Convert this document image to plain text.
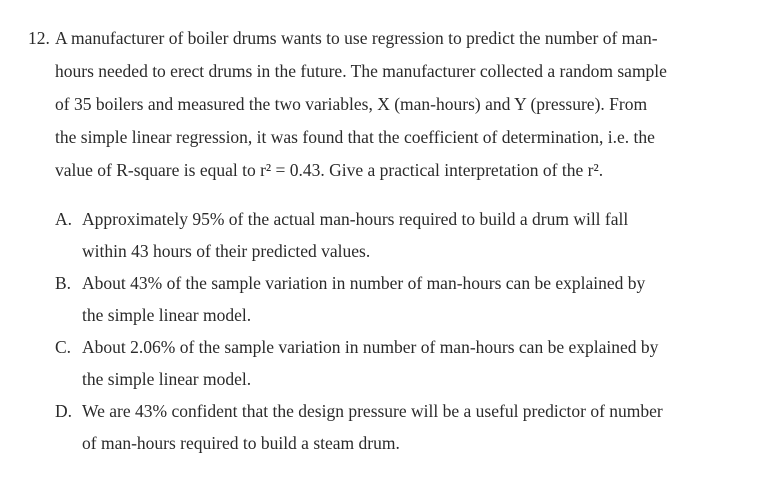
12. A manufacturer of boiler drums wants to use regression to predict the number of man-
hours needed to erect drums in the future. The manufacturer collected a random sample
of 35 boilers and measured the two variables, X (man-hours) and Y (pressure). From
the simple linear regression, it was found that the coefficient of determination, i.e. the
value of R-square is equal to r² = 0.43. Give a practical interpretation of the r².
A. Approximately 95% of the actual man-hours required to build a drum will fall
within 43 hours of their predicted values.
B. About 43% of the sample variation in number of man-hours can be explained by
the simple linear model.
C. About 2.06% of the sample variation in number of man-hours can be explained by
the simple linear model.
D. We are 43% confident that the design pressure will be a useful predictor of number
of man-hours required to build a steam drum.
